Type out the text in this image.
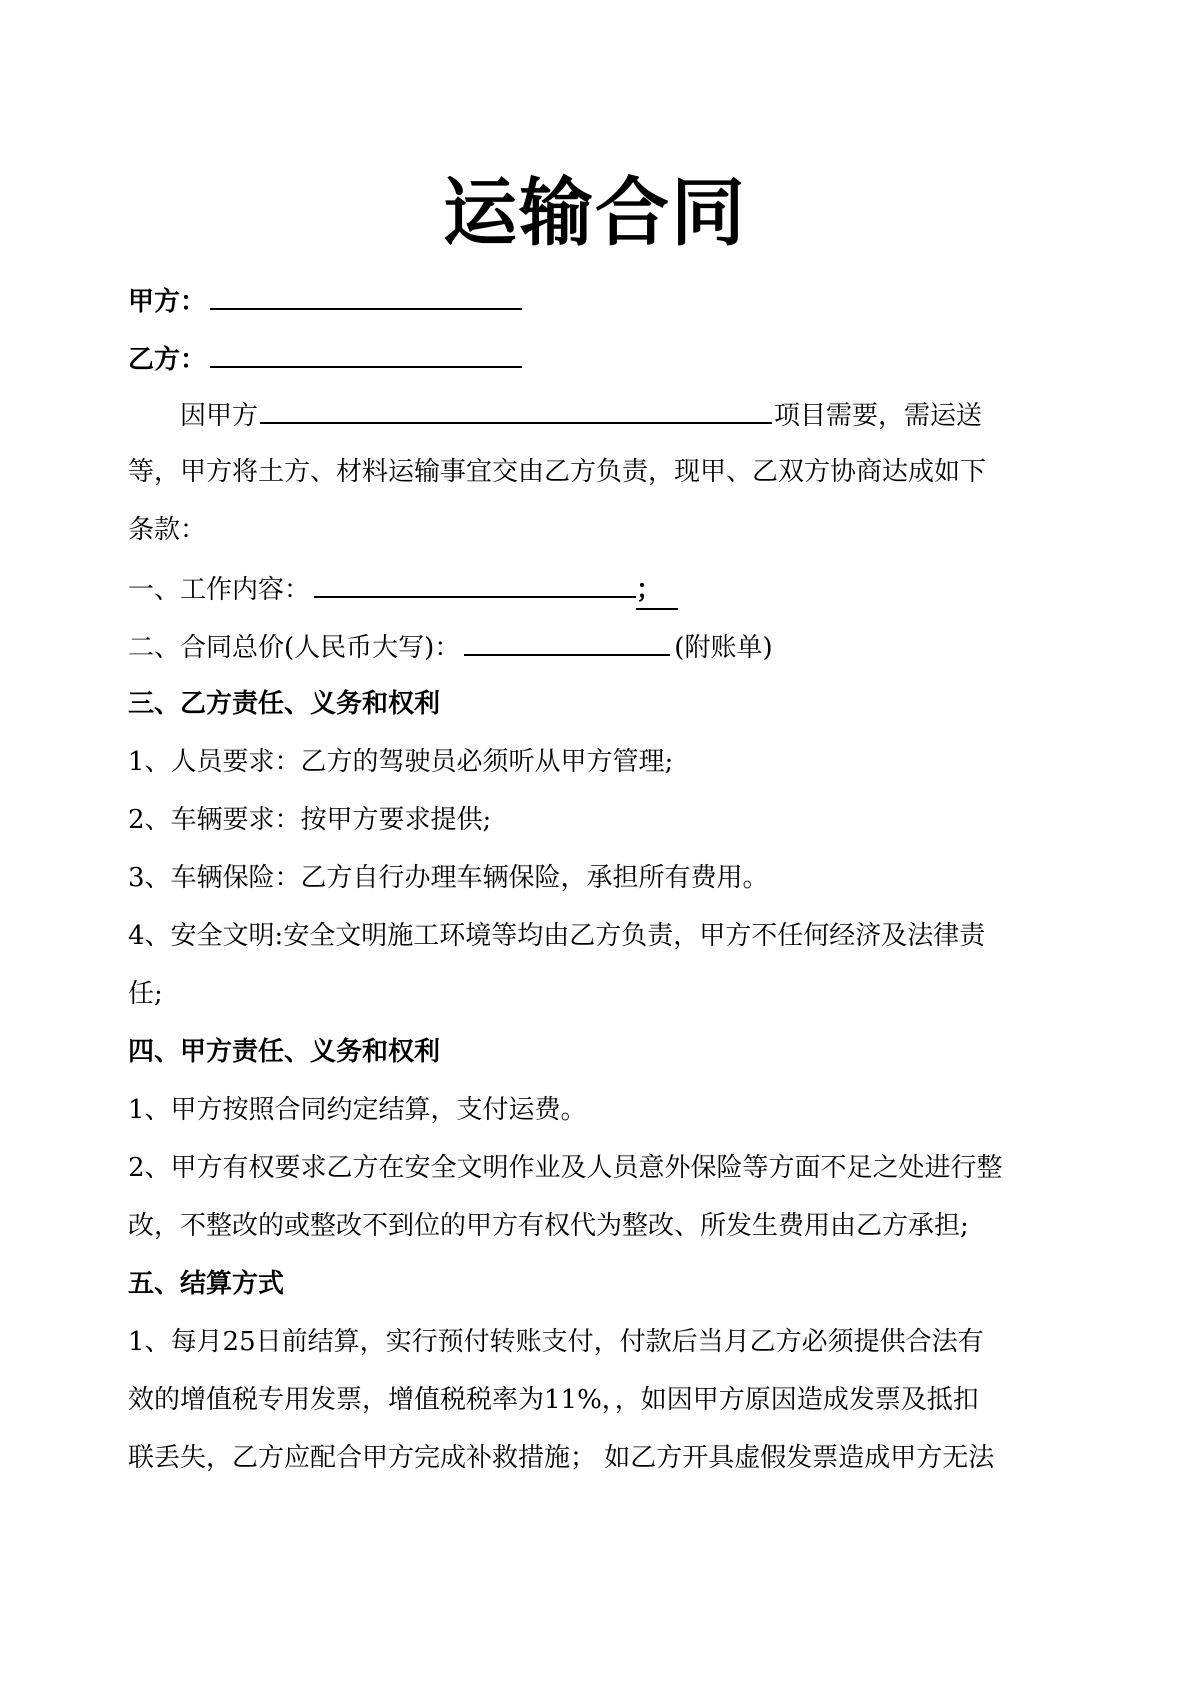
运输合同
甲方：
乙方：
因甲方	项目需要，需运送
等，甲方将土方、材料运输事宜交由乙方负责，现甲、乙双方协商达成如下
条款：
一、工作内容：	；
二、合同总价(人民币大写)：	(附账单)
三、乙方责任、义务和权利
1、人员要求：乙方的驾驶员必须听从甲方管理;
2、车辆要求：按甲方要求提供;
3、车辆保险：乙方自行办理车辆保险，承担所有费用。
4、安全文明:安全文明施工环境等均由乙方负责，甲方不任何经济及法律责
任;
四、甲方责任、义务和权利
1、甲方按照合同约定结算，支付运费。
2、甲方有权要求乙方在安全文明作业及人员意外保险等方面不足之处进行整
改，不整改的或整改不到位的甲方有权代为整改、所发生费用由乙方承担;
五、结算方式
1、每月25日前结算，实行预付转账支付，付款后当月乙方必须提供合法有
效的增值税专用发票，增值税税率为11%，，如因甲方原因造成发票及抵扣
联丢失，乙方应配合甲方完成补救措施； 如乙方开具虚假发票造成甲方无法
